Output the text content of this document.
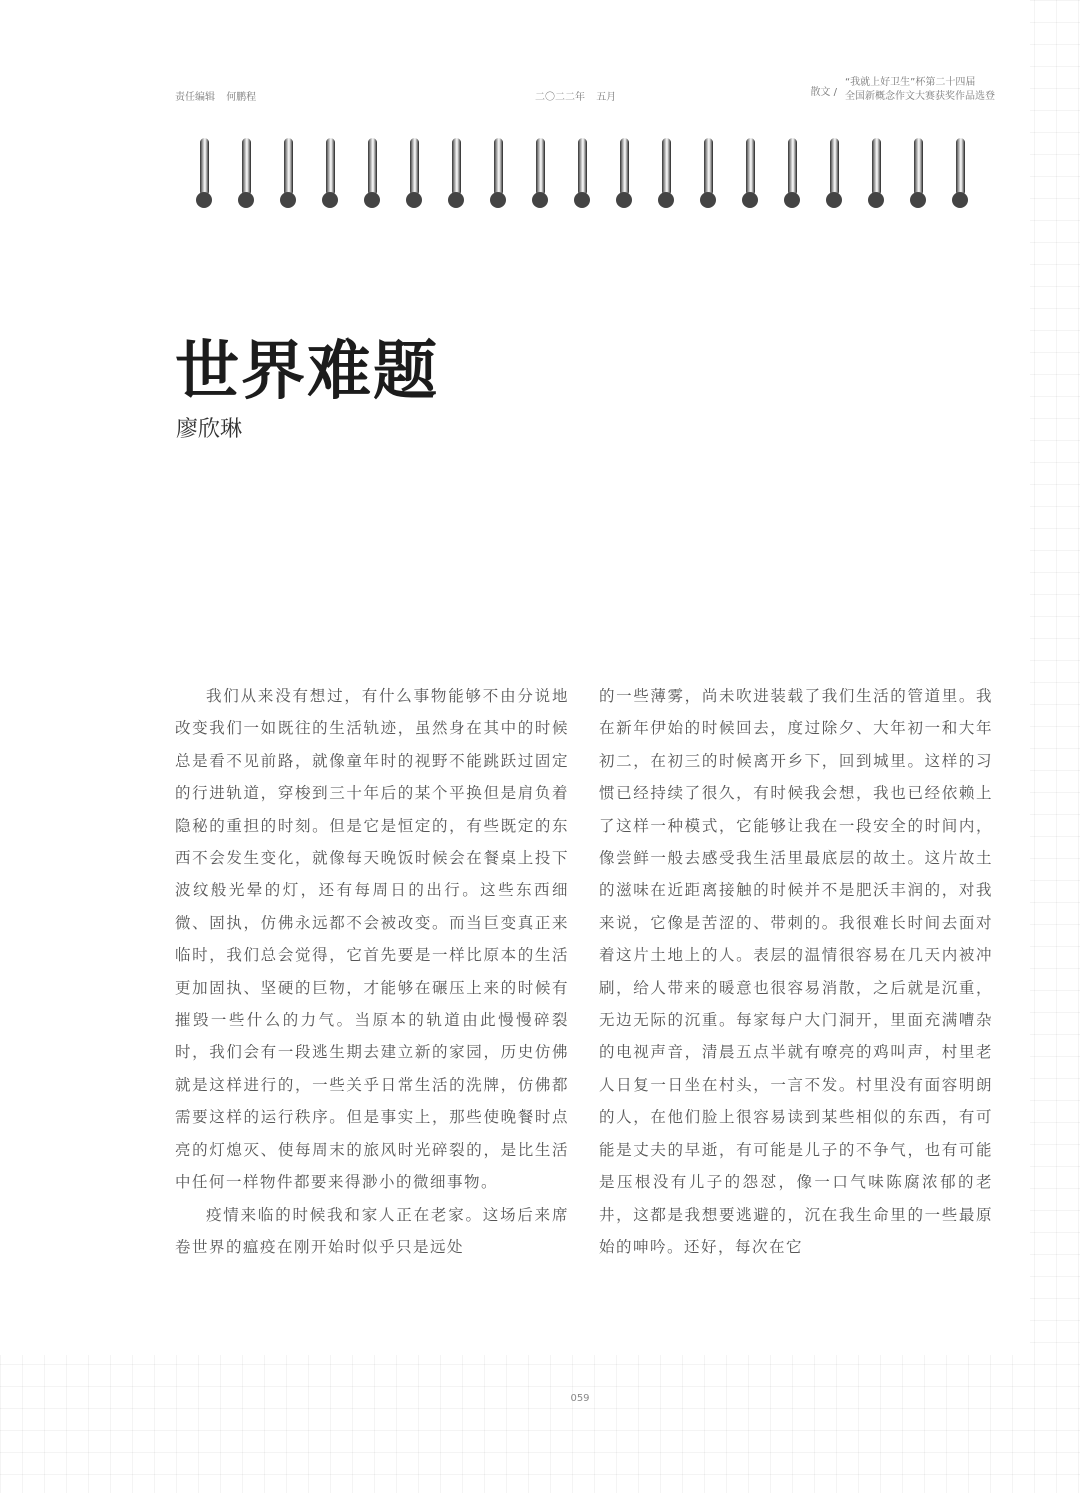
责任编辑 何鹏程	二〇二二年 五月	散文 /
“我就上好卫生”杯第二十四届
全国新概念作文大赛获奖作品选登
世界难题
廖欣琳

我们从来没有想过，有什么事物能够不由分说地改变我们一如既往的生活轨迹，虽然身在其中的时候总是看不见前路，就像童年时的视野不能跳跃过固定的行进轨道，穿梭到三十年后的某个平换但是肩负着隐秘的重担的时刻。但是它是恒定的，有些既定的东西不会发生变化，就像每天晚饭时候会在餐桌上投下波纹般光晕的灯，还有每周日的出行。这些东西细微、固执，仿佛永远都不会被改变。而当巨变真正来临时，我们总会觉得，它首先要是一样比原本的生活更加固执、坚硬的巨物，才能够在碾压上来的时候有摧毁一些什么的力气。当原本的轨道由此慢慢碎裂时，我们会有一段逃生期去建立新的家园，历史仿佛就是这样进行的，一些关乎日常生活的洗牌，仿佛都需要这样的运行秩序。但是事实上，那些使晚餐时点亮的灯熄灭、使每周末的旅风时光碎裂的，是比生活中任何一样物件都要来得渺小的微细事物。

疫情来临的时候我和家人正在老家。这场后来席卷世界的瘟疫在刚开始时似乎只是远处

的一些薄雾，尚未吹进装载了我们生活的管道里。我在新年伊始的时候回去，度过除夕、大年初一和大年初二，在初三的时候离开乡下，回到城里。这样的习惯已经持续了很久，有时候我会想，我也已经依赖上了这样一种模式，它能够让我在一段安全的时间内，像尝鲜一般去感受我生活里最底层的故土。这片故土的滋味在近距离接触的时候并不是肥沃丰润的，对我来说，它像是苦涩的、带刺的。我很难长时间去面对着这片土地上的人。表层的温情很容易在几天内被冲刷，给人带来的暖意也很容易消散，之后就是沉重，无边无际的沉重。每家每户大门洞开，里面充满嘈杂的电视声音，清晨五点半就有嘹亮的鸡叫声，村里老人日复一日坐在村头，一言不发。村里没有面容明朗的人，在他们脸上很容易读到某些相似的东西，有可能是丈夫的早逝，有可能是儿子的不争气，也有可能是压根没有儿子的怨怼，像一口气味陈腐浓郁的老井，这都是我想要逃避的，沉在我生命里的一些最原始的呻吟。还好，每次在它

059
